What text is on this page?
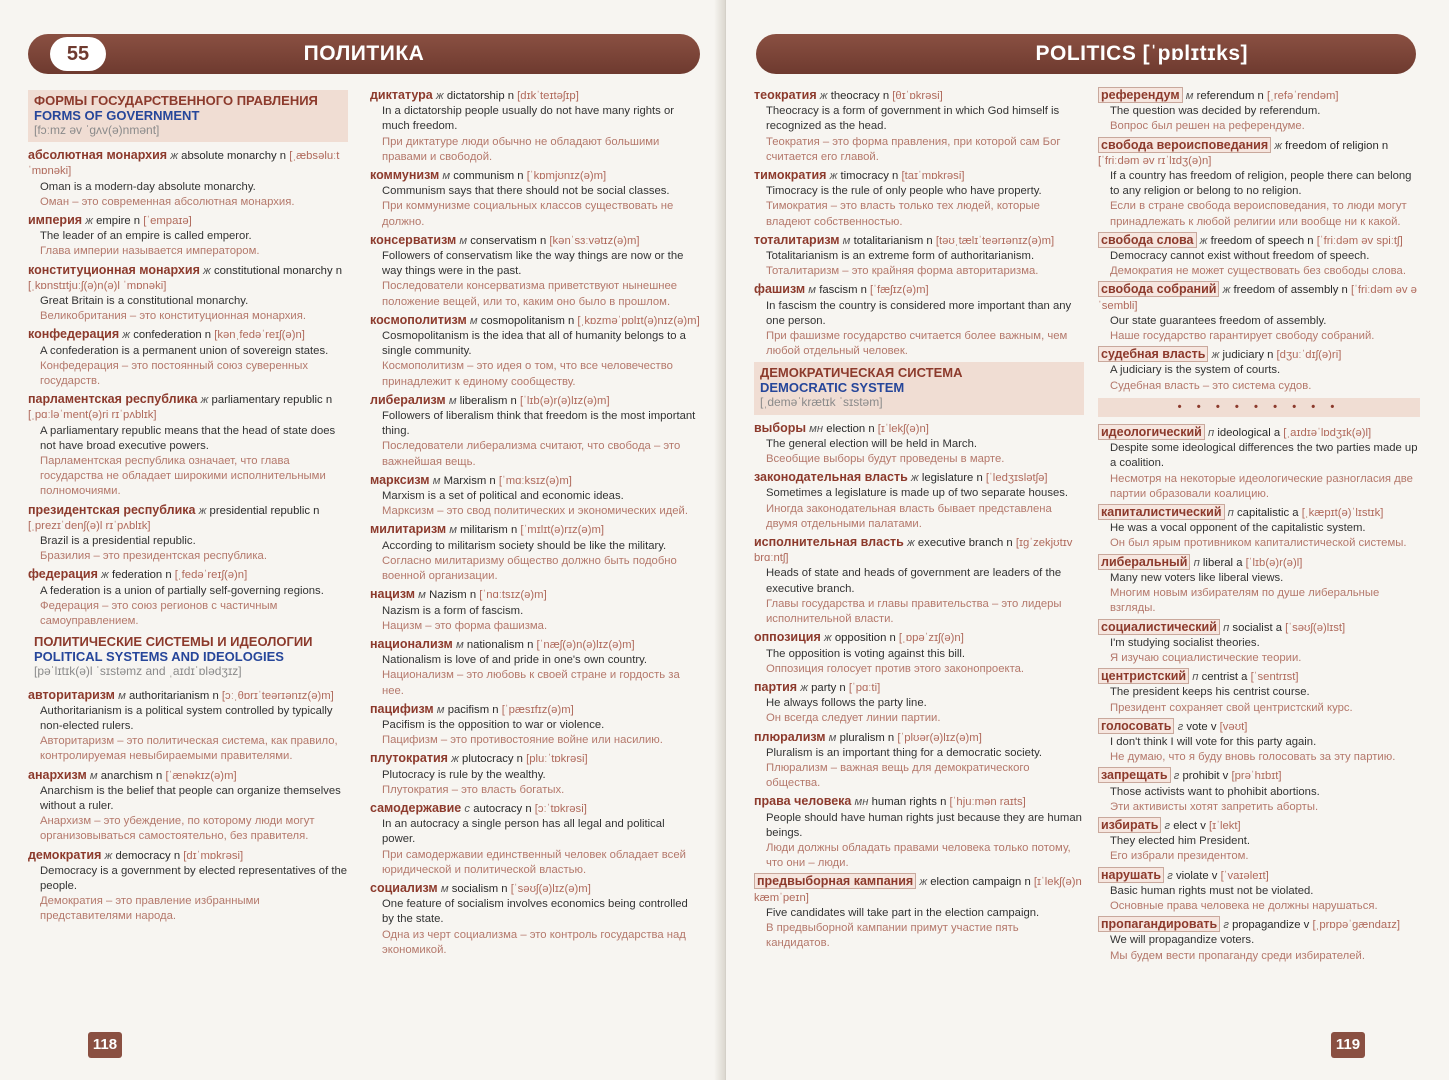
ПОЛИТИКА
55
ФОРМЫ ГОСУДАРСТВЕННОГО ПРАВЛЕНИЯ
FORMS OF GOVERNMENT
[fɔːmz əv ˈɡʌv(ə)nmənt]
абсолютная монархия ж absolute monarchy n [ˌæbsəluːt ˈmɒnəki]
Oman is a modern-day absolute monarchy.
Оман – это современная абсолютная монархия.
империя ж empire n [ˈempaɪə]
The leader of an empire is called emperor.
Глава империи называется императором.
конституционная монархия ж constitutional monarchy n [ˌkɒnstɪtjuːʃ(ə)n(ə)l ˈmɒnəki]
Great Britain is a constitutional monarchy.
Великобритания – это конституционная монархия.
конфедерация ж confederation n [kənˌfedəˈreɪʃ(ə)n]
A confederation is a permanent union of sovereign states.
Конфедерация – это постоянный союз суверенных государств.
парламентская республика ж parliamentary republic n [ˌpɑːləˈment(ə)ri rɪˈpʌblɪk]
A parliamentary republic means that the head of state does not have broad executive powers.
Парламентская республика означает, что глава государства не обладает широкими исполнительными полномочиями.
президентская республика ж presidential republic n [ˌprezɪˈdenʃ(ə)l rɪˈpʌblɪk]
Brazil is a presidential republic.
Бразилия – это президентская республика.
федерация ж federation n [ˌfedəˈreɪʃ(ə)n]
A federation is a union of partially self-governing regions.
Федерация – это союз регионов с частичным самоуправлением.
ПОЛИТИЧЕСКИЕ СИСТЕМЫ И ИДЕОЛОГИИ
POLITICAL SYSTEMS AND IDEOLOGIES
[pəˈlɪtɪk(ə)l ˈsɪstəmz and ˌaɪdɪˈɒlədʒɪz]
авторитаризм м authoritarianism n [ɔːˌθɒrɪˈteərɪənɪz(ə)m]
Authoritarianism is a political system controlled by typically non-elected rulers.
Авторитаризм – это политическая система, как правило, контролируемая невыбираемыми правителями.
анархизм м anarchism n [ˈænəkɪz(ə)m]
Anarchism is the belief that people can organize themselves without a ruler.
Анархизм – это убеждение, по которому люди могут организовываться самостоятельно, без правителя.
демократия ж democracy n [dɪˈmɒkrəsi]
Democracy is a government by elected representatives of the people.
Демократия – это правление избранными представителями народа.
диктатура ж dictatorship n [dɪkˈteɪtəʃɪp]
In a dictatorship people usually do not have many rights or much freedom.
При диктатуре люди обычно не обладают большими правами и свободой.
коммунизм м communism n [ˈkɒmjʊnɪz(ə)m]
Communism says that there should not be social classes.
При коммунизме социальных классов существовать не должно.
консерватизм м conservatism n [kənˈsɜːvətɪz(ə)m]
Followers of conservatism like the way things are now or the way things were in the past.
Последователи консерватизма приветствуют нынешнее положение вещей, или то, каким оно было в прошлом.
космополитизм м cosmopolitanism n [ˌkɒzməˈpɒlɪt(ə)nɪz(ə)m]
Cosmopolitanism is the idea that all of humanity belongs to a single community.
Космополитизм – это идея о том, что все человечество принадлежит к единому сообществу.
либерализм м liberalism n [ˈlɪb(ə)r(ə)lɪz(ə)m]
Followers of liberalism think that freedom is the most important thing.
Последователи либерализма считают, что свобода – это важнейшая вещь.
марксизм м Marxism n [ˈmɑːksɪz(ə)m]
Marxism is a set of political and economic ideas.
Марксизм – это свод политических и экономических идей.
милитаризм м militarism n [ˈmɪlɪt(ə)rɪz(ə)m]
According to militarism society should be like the military.
Согласно милитаризму общество должно быть подобно военной организации.
нацизм м Nazism n [ˈnɑːtsɪz(ə)m]
Nazism is a form of fascism.
Нацизм – это форма фашизма.
национализм м nationalism n [ˈnæʃ(ə)n(ə)lɪz(ə)m]
Nationalism is love of and pride in one's own country.
Национализм – это любовь к своей стране и гордость за нее.
пацифизм м pacifism n [ˈpæsɪfɪz(ə)m]
Pacifism is the opposition to war or violence.
Пацифизм – это противостояние войне или насилию.
плутократия ж plutocracy n [pluːˈtɒkrəsi]
Plutocracy is rule by the wealthy.
Плутократия – это власть богатых.
самодержавие с autocracy n [ɔːˈtɒkrəsi]
In an autocracy a single person has all legal and political power.
При самодержавии единственный человек обладает всей юридической и политической властью.
социализм м socialism n [ˈsəʊʃ(ə)lɪz(ə)m]
One feature of socialism involves economics being controlled by the state.
Одна из черт социализма – это контроль государства над экономикой.
118
POLITICS [ˈpɒlɪtɪks]
теократия ж theocracy n [θɪˈɒkrəsi]
Theocracy is a form of government in which God himself is recognized as the head.
Теократия – это форма правления, при которой сам Бог считается его главой.
тимократия ж timocracy n [taɪˈmɒkrəsi]
Timocracy is the rule of only people who have property.
Тимократия – это власть только тех людей, которые владеют собственностью.
тоталитаризм м totalitarianism n [təʊˌtælɪˈteərɪənɪz(ə)m]
Totalitarianism is an extreme form of authoritarianism.
Тоталитаризм – это крайняя форма авторитаризма.
фашизм м fascism n [ˈfæʃɪz(ə)m]
In fascism the country is considered more important than any one person.
При фашизме государство считается более важным, чем любой отдельный человек.
ДЕМОКРАТИЧЕСКАЯ СИСТЕМА
DEMOCRATIC SYSTEM
[ˌdeməˈkrætɪk ˈsɪstəm]
выборы мн election n [ɪˈlekʃ(ə)n]
The general election will be held in March.
Всеобщие выборы будут проведены в марте.
законодательная власть ж legislature n [ˈledʒɪslətʃə]
Sometimes a legislature is made up of two separate houses.
Иногда законодательная власть бывает представлена двумя отдельными палатами.
исполнительная власть ж executive branch n [ɪɡˈzekjʊtɪv brɑːntʃ]
Heads of state and heads of government are leaders of the executive branch.
Главы государства и главы правительства – это лидеры исполнительной власти.
оппозиция ж opposition n [ˌɒpəˈzɪʃ(ə)n]
The opposition is voting against this bill.
Оппозиция голосует против этого законопроекта.
партия ж party n [ˈpɑːti]
He always follows the party line.
Он всегда следует линии партии.
плюрализм м pluralism n [ˈplʊər(ə)lɪz(ə)m]
Pluralism is an important thing for a democratic society.
Плюрализм – важная вещь для демократического общества.
права человека мн human rights n [ˈhjuːmən raɪts]
People should have human rights just because they are human beings.
Люди должны обладать правами человека только потому, что они – люди.
предвыборная кампания ж election campaign n [ɪˈlekʃ(ə)n kæmˈpeɪn]
Five candidates will take part in the election campaign.
В предвыборной кампании примут участие пять кандидатов.
референдум м referendum n [ˌrefəˈrendəm]
The question was decided by referendum.
Вопрос был решен на референдуме.
свобода вероисповедания ж freedom of religion n [ˈfriːdəm əv rɪˈlɪdʒ(ə)n]
If a country has freedom of religion, people there can belong to any religion or belong to no religion.
Если в стране свобода вероисповедания, то люди могут принадлежать к любой религии или вообще ни к какой.
свобода слова ж freedom of speech n [ˈfriːdəm əv spiːtʃ]
Democracy cannot exist without freedom of speech.
Демократия не может существовать без свободы слова.
свобода собраний ж freedom of assembly n [ˈfriːdəm əv əˈsembli]
Our state guarantees freedom of assembly.
Наше государство гарантирует свободу собраний.
судебная власть ж judiciary n [dʒuːˈdɪʃ(ə)ri]
A judiciary is the system of courts.
Судебная власть – это система судов.
• • • • • • • • •
идеологический п ideological a [ˌaɪdɪəˈlɒdʒɪk(ə)l]
Despite some ideological differences the two parties made up a coalition.
Несмотря на некоторые идеологические разногласия две партии образовали коалицию.
капиталистический п capitalistic a [ˌkæpɪt(ə)ˈlɪstɪk]
He was a vocal opponent of the capitalistic system.
Он был ярым противником капиталистической системы.
либеральный п liberal a [ˈlɪb(ə)r(ə)l]
Many new voters like liberal views.
Многим новым избирателям по душе либеральные взгляды.
социалистический п socialist a [ˈsəʊʃ(ə)lɪst]
I'm studying socialist theories.
Я изучаю социалистические теории.
центристский п centrist a [ˈsentrɪst]
The president keeps his centrist course.
Президент сохраняет свой центристский курс.
голосовать г vote v [vəʊt]
I don't think I will vote for this party again.
Не думаю, что я буду вновь голосовать за эту партию.
запрещать г prohibit v [prəˈhɪbɪt]
Those activists want to phohibit abortions.
Эти активисты хотят запретить аборты.
избирать г elect v [ɪˈlekt]
They elected him President.
Его избрали президентом.
нарушать г violate v [ˈvaɪəleɪt]
Basic human rights must not be violated.
Основные права человека не должны нарушаться.
пропагандировать г propagandize v [ˌprɒpəˈɡændaɪz]
We will propagandize voters.
Мы будем вести пропаганду среди избирателей.
119
